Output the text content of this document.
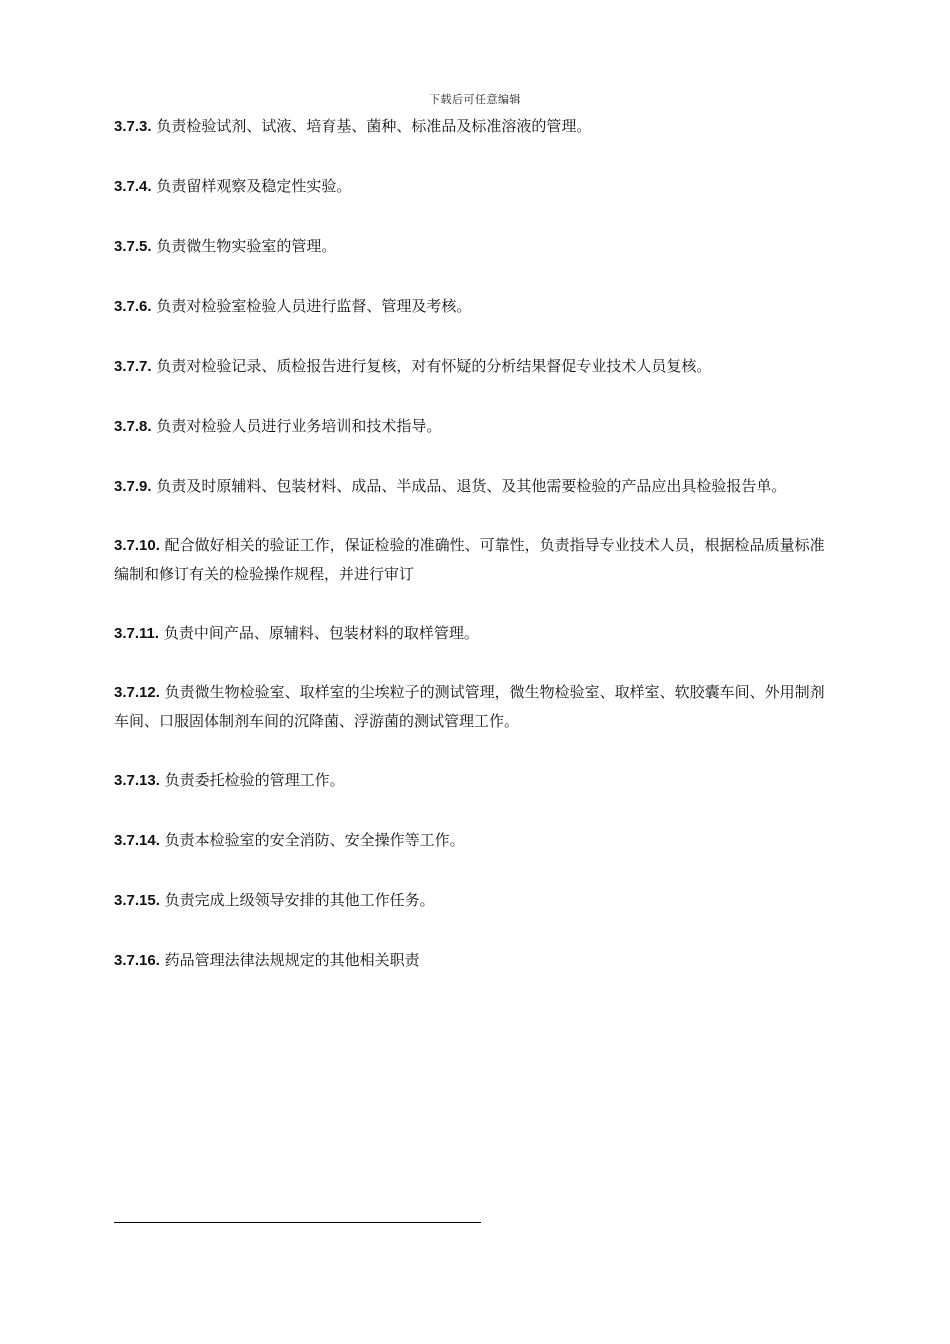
下载后可任意编辑

3.7.3. 负责检验试剂、试液、培育基、菌种、标准品及标准溶液的管理。

3.7.4. 负责留样观察及稳定性实验。

3.7.5. 负责微生物实验室的管理。

3.7.6. 负责对检验室检验人员进行监督、管理及考核。

3.7.7. 负责对检验记录、质检报告进行复核，对有怀疑的分析结果督促专业技术人员复核。

3.7.8. 负责对检验人员进行业务培训和技术指导。

3.7.9. 负责及时原辅料、包装材料、成品、半成品、退货、及其他需要检验的产品应出具检验报告单。

3.7.10. 配合做好相关的验证工作，保证检验的准确性、可靠性，负责指导专业技术人员，根据检品质量标准编制和修订有关的检验操作规程，并进行审订

3.7.11. 负责中间产品、原辅料、包装材料的取样管理。

3.7.12. 负责微生物检验室、取样室的尘埃粒子的测试管理，微生物检验室、取样室、软胶囊车间、外用制剂车间、口服固体制剂车间的沉降菌、浮游菌的测试管理工作。

3.7.13. 负责委托检验的管理工作。

3.7.14. 负责本检验室的安全消防、安全操作等工作。

3.7.15. 负责完成上级领导安排的其他工作任务。

3.7.16. 药品管理法律法规规定的其他相关职责
